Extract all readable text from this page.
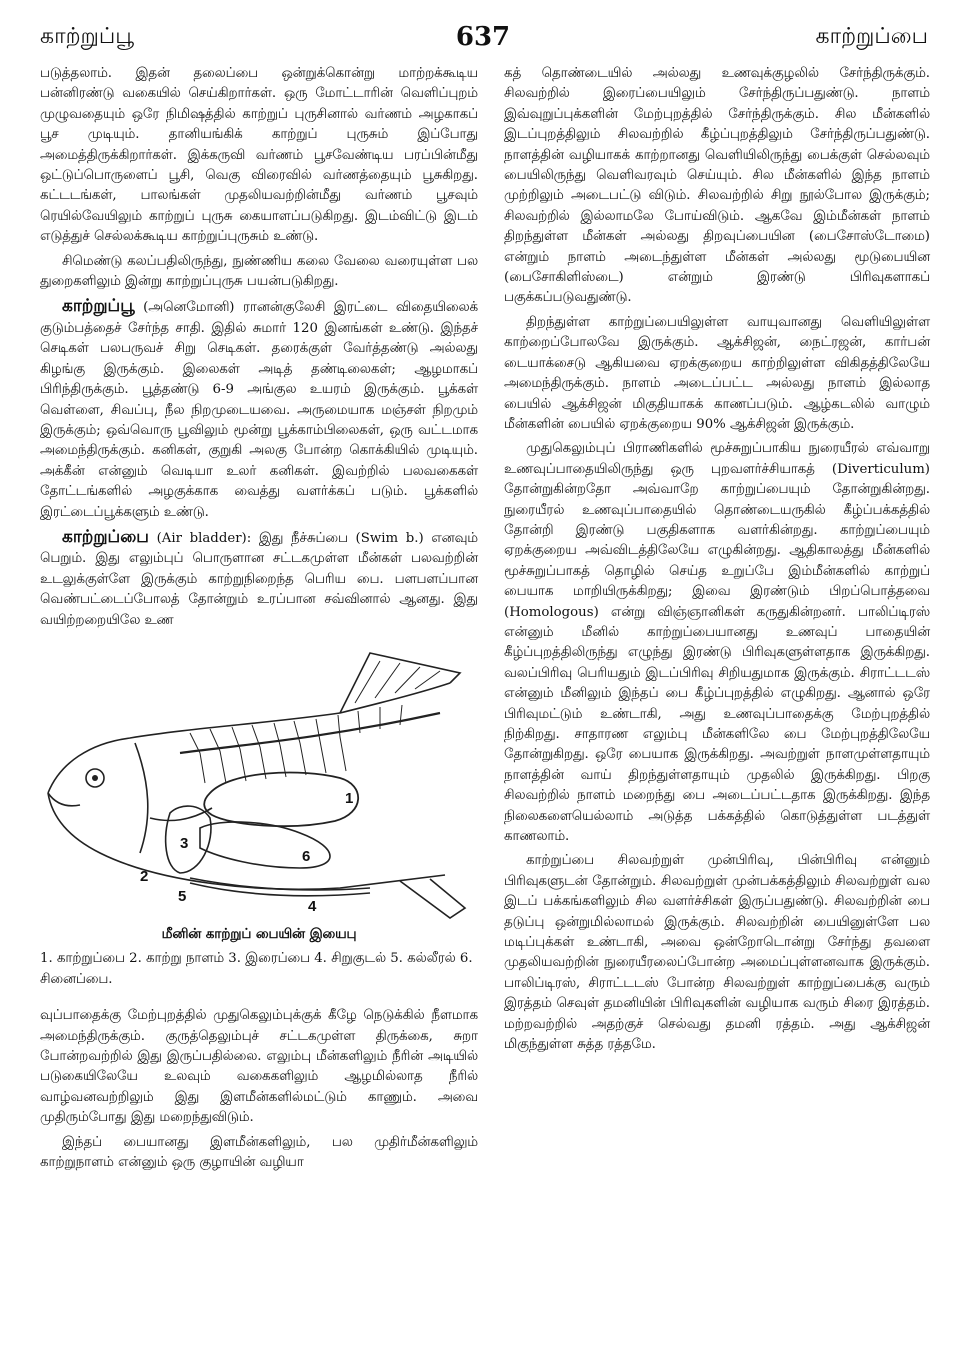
காற்றுப்பூ	637	காற்றுப்பை

படுத்தலாம். இதன் தலைப்பை ஒன்றுக்கொன்று மாற்றக்கூடிய பன்னிரண்டு வகையில் செய்கிறார்கள். ஒரு மோட்டாரின் வெளிப்புறம் முழுவதையும் ஒரே நிமிஷத்தில் காற்றுப் புருசினால் வர்ணம் அழகாகப் பூச முடியும். தானியங்கிக் காற்றுப் புருசும் இப்போது அமைத்திருக்கிறார்கள். இக்கருவி வர்ணம் பூசவேண்டிய பரப்பின்மீது ஒட்டுப்பொருளைப் பூசி, வெகு விரைவில் வர்ணத்தையும் பூசுகிறது. கட்டடங்கள், பாலங்கள் முதலியவற்றின்மீது வர்ணம் பூசவும் ரெயில்வேயிலும் காற்றுப் புருசு கையாளப்படுகிறது. இடம்விட்டு இடம் எடுத்துச் செல்லக்கூடிய காற்றுப்புருசும் உண்டு.

சிமெண்டு கலப்பதிலிருந்து, நுண்ணிய கலை வேலை வரையுள்ள பல துறைகளிலும் இன்று காற்றுப்புருசு பயன்படுகிறது.

காற்றுப்பூ (அனெமோனி) ரானன்குலேசி இரட்டை விதையிலைக் குடும்பத்தைச் சேர்ந்த சாதி. இதில் சுமார் 120 இனங்கள் உண்டு. இந்தச் செடிகள் பலபருவச் சிறு செடிகள். தரைக்குள் வேர்த்தண்டு அல்லது கிழங்கு இருக்கும். இலைகள் அடித் தண்டிலைகள்; ஆழமாகப் பிரிந்திருக்கும். பூத்தண்டு 6-9 அங்குல உயரம் இருக்கும். பூக்கள் வெள்ளை, சிவப்பு, நீல நிறமுடையவை. அருமையாக மஞ்சள் நிறமும் இருக்கும்; ஒவ்வொரு பூவிலும் மூன்று பூக்காம்பிலைகள், ஒரு வட்டமாக அமைந்திருக்கும். கனிகள், குறுகி அலகு போன்ற கொக்கியில் முடியும். அக்கீன் என்னும் வெடியா உலர் கனிகள். இவற்றில் பலவகைகள் தோட்டங்களில் அழகுக்காக வைத்து வளர்க்கப் படும். பூக்களில் இரட்டைப்பூக்களும் உண்டு.

காற்றுப்பை (Air bladder): இது நீச்சுப்பை (Swim b.) எனவும் பெறும். இது எலும்புப் பொருளான சட்டகமுள்ள மீன்கள் பலவற்றின் உடலுக்குள்ளே இருக்கும் காற்றுநிறைந்த பெரிய பை. பளபளப்பான வெண்பட்டைப்போலத் தோன்றும் உரப்பான சவ்வினால் ஆனது. இது வயிற்றறையிலே உண

1
2
3
4
5
6
மீனின் காற்றுப் பையின் இயைபு
1. காற்றுப்பை 2. காற்று நாளம் 3. இரைப்பை 4. சிறுகுடல் 5. கல்லீரல் 6. சினைப்பை.

வுப்பாதைக்கு மேற்புறத்தில் முதுகெலும்புக்குக் கீழே நெடுக்கில் நீளமாக அமைந்திருக்கும். குருத்தெலும்புச் சட்டகமுள்ள திருக்கை, சுறா போன்றவற்றில் இது இருப்பதில்லை. எலும்பு மீன்களிலும் நீரின் அடியில் படுகையிலேயே உலவும் வகைகளிலும் ஆழமில்லாத நீரில் வாழ்வனவற்றிலும் இது இளமீன்களில்மட்டும் காணும். அவை முதிரும்போது இது மறைந்துவிடும்.

இந்தப் பையானது இளமீன்களிலும், பல முதிர்மீன்களிலும் காற்றுநாளம் என்னும் ஒரு குழாயின் வழியா

கத் தொண்டையில் அல்லது உணவுக்குழலில் சேர்ந்திருக்கும். சிலவற்றில் இரைப்பையிலும் சேர்ந்திருப்பதுண்டு. நாளம் இவ்வுறுப்புக்களின் மேற்புறத்தில் சேர்ந்திருக்கும். சில மீன்களில் இடப்புறத்திலும் சிலவற்றில் கீழ்ப்புறத்திலும் சேர்ந்திருப்பதுண்டு. நாளத்தின் வழியாகக் காற்றானது வெளியிலிருந்து பைக்குள் செல்லவும் பையிலிருந்து வெளிவரவும் செய்யும். சில மீன்களில் இந்த நாளம் முற்றிலும் அடைபட்டு விடும். சிலவற்றில் சிறு நூல்போல இருக்கும்; சிலவற்றில் இல்லாமலே போய்விடும். ஆகவே இம்மீன்கள் நாளம் திறந்துள்ள மீன்கள் அல்லது திறவுப்பையின (பைசோஸ்டோமை) என்றும் நாளம் அடைந்துள்ள மீன்கள் அல்லது மூடுபையின (பைசோகிளிஸ்டை) என்றும் இரண்டு பிரிவுகளாகப் பகுக்கப்படுவதுண்டு.

திறந்துள்ள காற்றுப்பையிலுள்ள வாயுவானது வெளியிலுள்ள காற்றைப்போலவே இருக்கும். ஆக்சிஜன், நைட்ரஜன், கார்பன் டையாக்சைடு ஆகியவை ஏறக்குறைய காற்றிலுள்ள விகிதத்திலேயே அமைந்திருக்கும். நாளம் அடைப்பட்ட அல்லது நாளம் இல்லாத பையில் ஆக்சிஜன் மிகுதியாகக் காணப்படும். ஆழ்கடலில் வாழும் மீன்களின் பையில் ஏறக்குறைய 90% ஆக்சிஜன் இருக்கும்.

முதுகெலும்புப் பிராணிகளில் மூச்சுறுப்பாகிய நுரையீரல் எவ்வாறு உணவுப்பாதையிலிருந்து ஒரு புறவளர்ச்சியாகத் (Diverticulum) தோன்றுகின்றதோ அவ்வாறே காற்றுப்பையும் தோன்றுகின்றது. நுரையீரல் உணவுப்பாதையில் தொண்டையருகில் கீழ்ப்பக்கத்தில் தோன்றி இரண்டு பகுதிகளாக வளர்கின்றது. காற்றுப்பையும் ஏறக்குறைய அவ்விடத்திலேயே எழுகின்றது. ஆதிகாலத்து மீன்களில் மூச்சுறுப்பாகத் தொழில் செய்த உறுப்பே இம்மீன்களில் காற்றுப் பையாக மாறியிருக்கிறது; இவை இரண்டும் பிறப்பொத்தவை (Homologous) என்று விஞ்ஞானிகள் கருதுகின்றனர். பாலிப்டிரஸ் என்னும் மீனில் காற்றுப்பையானது உணவுப் பாதையின் கீழ்ப்புறத்திலிருந்து எழுந்து இரண்டு பிரிவுகளுள்ளதாக இருக்கிறது. வலப்பிரிவு பெரியதும் இடப்பிரிவு சிறியதுமாக இருக்கும். சிராட்டடஸ் என்னும் மீனிலும் இந்தப் பை கீழ்ப்புறத்தில் எழுகிறது. ஆனால் ஒரே பிரிவுமட்டும் உண்டாகி, அது உணவுப்பாதைக்கு மேற்புறத்தில் நிற்கிறது. சாதாரண எலும்பு மீன்களிலே பை மேற்புறத்திலேயே தோன்றுகிறது. ஒரே பையாக இருக்கிறது. அவற்றுள் நாளமுள்ளதாயும் நாளத்தின் வாய் திறந்துள்ளதாயும் முதலில் இருக்கிறது. பிறகு சிலவற்றில் நாளம் மறைந்து பை அடைப்பட்டதாக இருக்கிறது. இந்த நிலைகளையெல்லாம் அடுத்த பக்கத்தில் கொடுத்துள்ள படத்துள் காணலாம்.

காற்றுப்பை சிலவற்றுள் முன்பிரிவு, பின்பிரிவு என்னும் பிரிவுகளுடன் தோன்றும். சிலவற்றுள் முன்பக்கத்திலும் சிலவற்றுள் வல இடப் பக்கங்களிலும் சில வளர்ச்சிகள் இருப்பதுண்டு. சிலவற்றின் பை தடுப்பு ஒன்றுமில்லாமல் இருக்கும். சிலவற்றின் பையினுள்ளே பல மடிப்புக்கள் உண்டாகி, அவை ஒன்றோடொன்று சேர்ந்து தவளை முதலியவற்றின் நுரையீரலைப்போன்ற அமைப்புள்ளனவாக இருக்கும். பாலிப்டிரஸ், சிராட்டடஸ் போன்ற சிலவற்றுள் காற்றுப்பைக்கு வரும் இரத்தம் செவுள் தமனியின் பிரிவுகளின் வழியாக வரும் சிரை இரத்தம். மற்றவற்றில் அதற்குச் செல்வது தமனி ரத்தம். அது ஆக்சிஜன் மிகுந்துள்ள சுத்த ரத்தமே.
